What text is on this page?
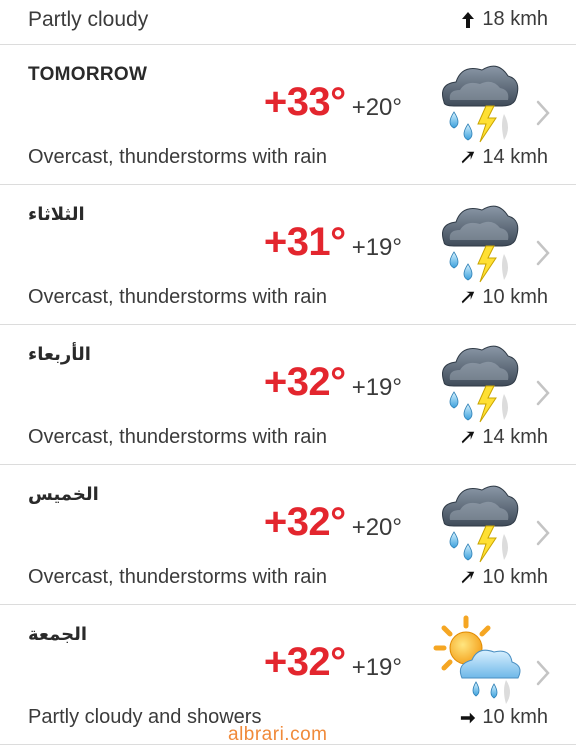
Partly cloudy	18 kmh
TOMORROW
+33° +20°
Overcast, thunderstorms with rain	14 kmh
الثلاثاء
+31° +19°
Overcast, thunderstorms with rain	10 kmh
الأربعاء
+32° +19°
Overcast, thunderstorms with rain	14 kmh
الخميس
+32° +20°
Overcast, thunderstorms with rain	10 kmh
الجمعة
+32° +19°
Partly cloudy and showers	10 kmh
albrari.com
